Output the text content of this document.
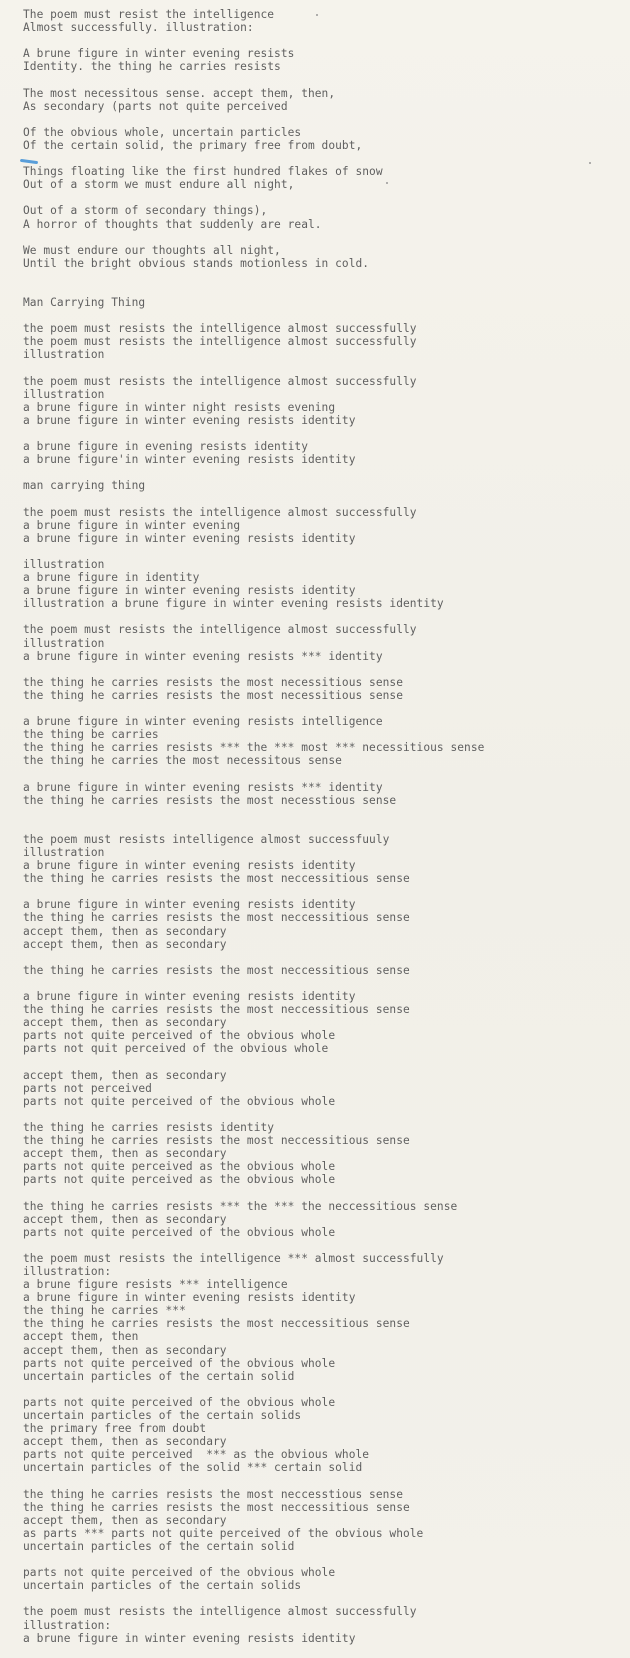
The poem must resist the intelligence
Almost successfully. illustration:
A brune figure in winter evening resists
Identity. the thing he carries resists
The most necessitous sense. accept them, then,
As secondary (parts not quite perceived
Of the obvious whole, uncertain particles
Of the certain solid, the primary free from doubt,
Things floating like the first hundred flakes of snow
Out of a storm we must endure all night,
Out of a storm of secondary things),
A horror of thoughts that suddenly are real.
We must endure our thoughts all night,
Until the bright obvious stands motionless in cold.
Man Carrying Thing
the poem must resists the intelligence almost successfully
the poem must resists the intelligence almost successfully
illustration
the poem must resists the intelligence almost successfully
illustration
a brune figure in winter night resists evening
a brune figure in winter evening resists identity
a brune figure in evening resists identity
a brune figure'in winter evening resists identity
man carrying thing
the poem must resists the intelligence almost successfully
a brune figure in winter evening
a brune figure in winter evening resists identity
illustration
a brune figure in identity
a brune figure in winter evening resists identity
illustration a brune figure in winter evening resists identity
the poem must resists the intelligence almost successfully
illustration
a brune figure in winter evening resists *** identity
the thing he carries resists the most necessitious sense
the thing he carries resists the most necessitious sense
a brune figure in winter evening resists intelligence
the thing be carries
the thing he carries resists *** the *** most *** necessitious sense
the thing he carries the most necessitous sense
a brune figure in winter evening resists *** identity
the thing he carries resists the most necesstious sense
the poem must resists intelligence almost successfuuly
illustration
a brune figure in winter evening resists identity
the thing he carries resists the most neccessitious sense
a brune figure in winter evening resists identity
the thing he carries resists the most neccessitious sense
accept them, then as secondary
accept them, then as secondary
the thing he carries resists the most neccessitious sense
a brune figure in winter evening resists identity
the thing he carries resists the most neccessitious sense
accept them, then as secondary
parts not quite perceived of the obvious whole
parts not quit perceived of the obvious whole
accept them, then as secondary
parts not perceived
parts not quite perceived of the obvious whole
the thing he carries resists identity
the thing he carries resists the most neccessitious sense
accept them, then as secondary
parts not quite perceived as the obvious whole
parts not quite perceived as the obvious whole
the thing he carries resists *** the *** the neccessitious sense
accept them, then as secondary
parts not quite perceived of the obvious whole
the poem must resists the intelligence *** almost successfully
illustration:
a brune figure resists *** intelligence
a brune figure in winter evening resists identity
the thing he carries ***
the thing he carries resists the most neccessitious sense
accept them, then
accept them, then as secondary
parts not quite perceived of the obvious whole
uncertain particles of the certain solid
parts not quite perceived of the obvious whole
uncertain particles of the certain solids
the primary free from doubt
accept them, then as secondary
parts not quite perceived  *** as the obvious whole
uncertain particles of the solid *** certain solid
the thing he carries resists the most neccesstious sense
the thing he carries resists the most neccessitious sense
accept them, then as secondary
as parts *** parts not quite perceived of the obvious whole
uncertain particles of the certain solid
parts not quite perceived of the obvious whole
uncertain particles of the certain solids
the poem must resists the intelligence almost successfully
illustration:
a brune figure in winter evening resists identity
